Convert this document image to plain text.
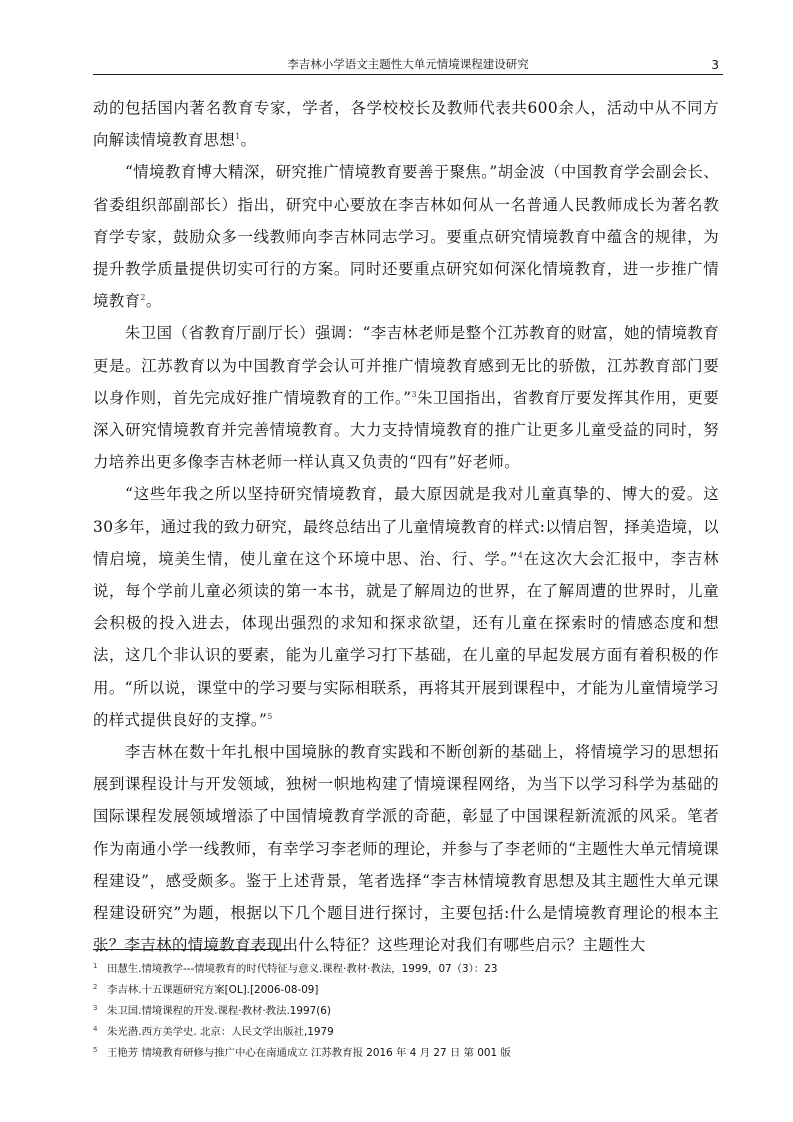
李吉林小学语文主题性大单元情境课程建设研究	3

动的包括国内著名教育专家，学者，各学校校长及教师代表共600余人，活动中从不同方向解读情境教育思想$^1$。

“情境教育博大精深，研究推广情境教育要善于聚焦。”胡金波（中国教育学会副会长、省委组织部副部长）指出，研究中心要放在李吉林如何从一名普通人民教师成长为著名教育学专家，鼓励众多一线教师向李吉林同志学习。要重点研究情境教育中蕴含的规律，为提升教学质量提供切实可行的方案。同时还要重点研究如何深化情境教育，进一步推广情境教育$^2$。

朱卫国（省教育厅副厅长）强调：“李吉林老师是整个江苏教育的财富，她的情境教育更是。江苏教育以为中国教育学会认可并推广情境教育感到无比的骄傲，江苏教育部门要以身作则，首先完成好推广情境教育的工作。”$^3$朱卫国指出，省教育厅要发挥其作用，更要深入研究情境教育并完善情境教育。大力支持情境教育的推广让更多儿童受益的同时，努力培养出更多像李吉林老师一样认真又负责的“四有”好老师。

“这些年我之所以坚持研究情境教育，最大原因就是我对儿童真挚的、博大的爱。这30多年，通过我的致力研究，最终总结出了儿童情境教育的样式:以情启智，择美造境，以情启境，境美生情，使儿童在这个环境中思、治、行、学。”$^4$在这次大会汇报中，李吉林说，每个学前儿童必须读的第一本书，就是了解周边的世界，在了解周遭的世界时，儿童会积极的投入进去，体现出强烈的求知和探求欲望，还有儿童在探索时的情感态度和想法，这几个非认识的要素，能为儿童学习打下基础，在儿童的早起发展方面有着积极的作用。“所以说，课堂中的学习要与实际相联系，再将其开展到课程中，才能为儿童情境学习的样式提供良好的支撑。”$^5$

李吉林在数十年扎根中国境脉的教育实践和不断创新的基础上，将情境学习的思想拓展到课程设计与开发领域，独树一帜地构建了情境课程网络，为当下以学习科学为基础的国际课程发展领域增添了中国情境教育学派的奇葩，彰显了中国课程新流派的风采。笔者作为南通小学一线教师，有幸学习李老师的理论，并参与了李老师的“主题性大单元情境课程建设”，感受颇多。鉴于上述背景，笔者选择“李吉林情境教育思想及其主题性大单元课程建设研究”为题，根据以下几个题目进行探讨，主要包括:什么是情境教育理论的根本主张？李吉林的情境教育表现出什么特征？这些理论对我们有哪些启示？主题性大

1 田慧生.情境教学---情境教育的时代特征与意义.课程·教材·教法，1999，07（3）：23
2 李吉林.十五课题研究方案[OL].[2006-08-09]
3 朱卫国.情境课程的开发.课程·教材·教法.1997(6)
4 朱光潜.西方美学史. 北京：人民文学出版社,1979
5 王艳芳 情境教育研修与推广中心在南通成立 江苏教育报 2016 年 4 月 27 日 第 001 版
